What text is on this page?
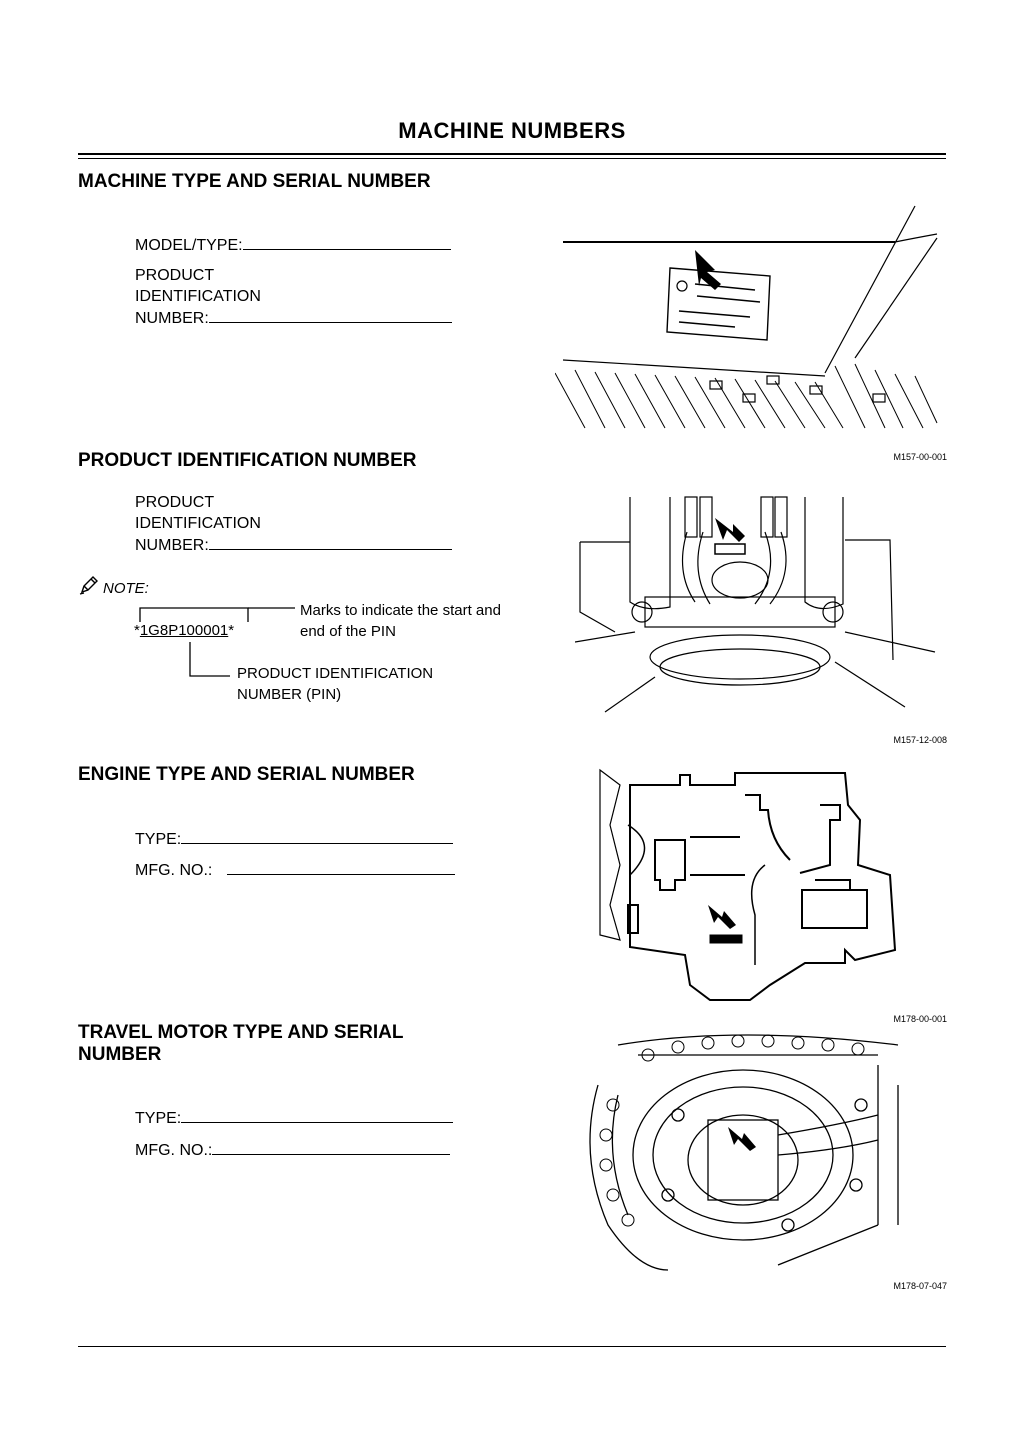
MACHINE NUMBERS
MACHINE TYPE AND SERIAL NUMBER
MODEL/TYPE:
PRODUCT
IDENTIFICATION
NUMBER:
M157-00-001
PRODUCT IDENTIFICATION NUMBER
PRODUCT
IDENTIFICATION
NUMBER:
NOTE:
*1G8P100001*
Marks to indicate the start and
end of the PIN
PRODUCT IDENTIFICATION
NUMBER (PIN)
M157-12-008
ENGINE TYPE AND SERIAL NUMBER
TYPE:
MFG. NO.:
M178-00-001
TRAVEL MOTOR TYPE AND SERIAL
NUMBER
TYPE:
MFG. NO.:
M178-07-047
